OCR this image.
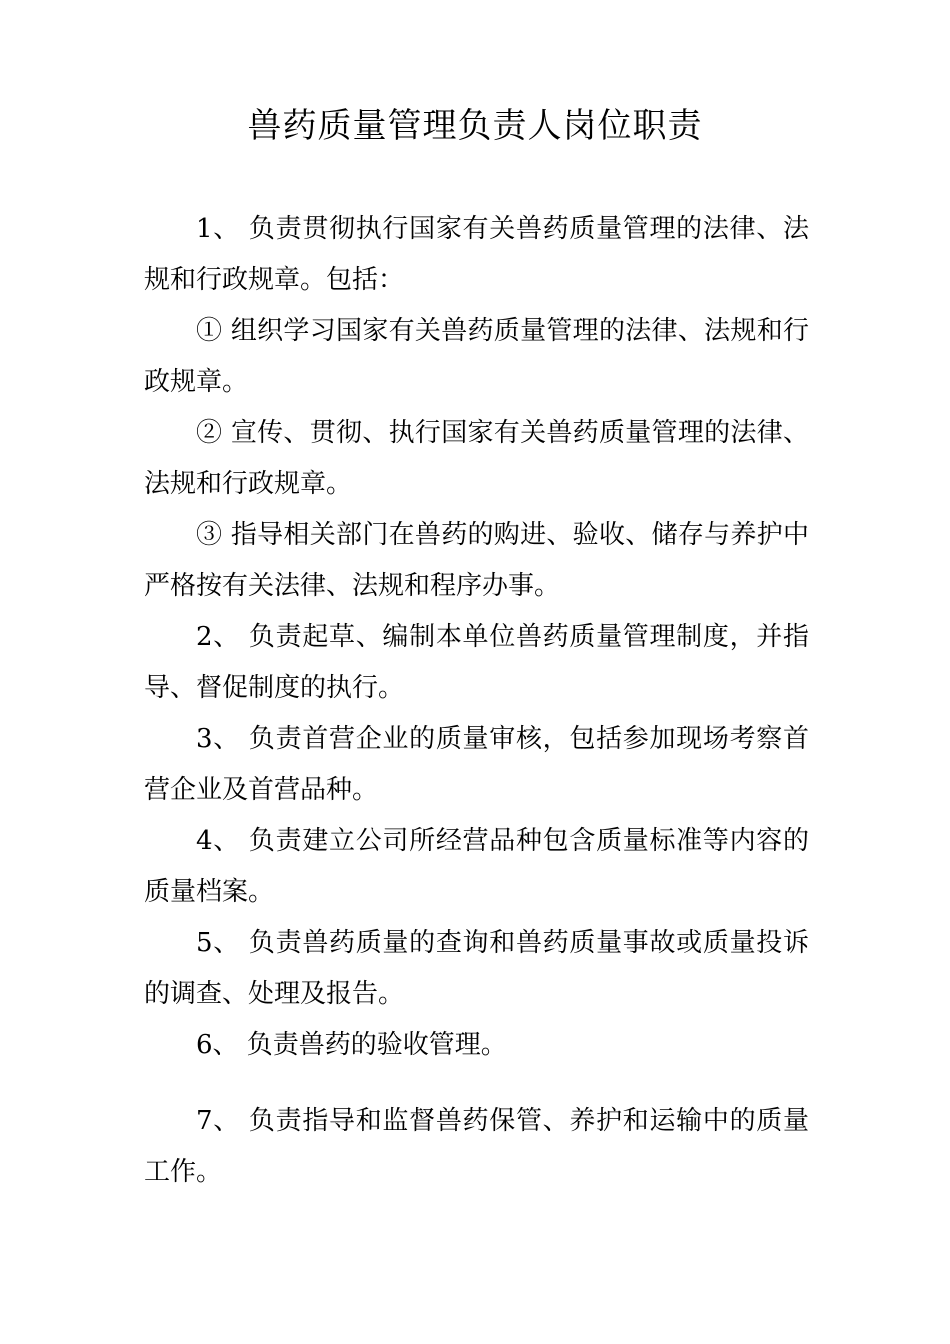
兽药质量管理负责人岗位职责

1、 负责贯彻执行国家有关兽药质量管理的法律、法规和行政规章。包括：

① 组织学习国家有关兽药质量管理的法律、法规和行政规章。

② 宣传、贯彻、执行国家有关兽药质量管理的法律、法规和行政规章。

③ 指导相关部门在兽药的购进、验收、储存与养护中严格按有关法律、法规和程序办事。

2、 负责起草、编制本单位兽药质量管理制度，并指导、督促制度的执行。

3、 负责首营企业的质量审核，包括参加现场考察首营企业及首营品种。

4、 负责建立公司所经营品种包含质量标准等内容的质量档案。

5、 负责兽药质量的查询和兽药质量事故或质量投诉的调查、处理及报告。

6、 负责兽药的验收管理。

7、 负责指导和监督兽药保管、养护和运输中的质量工作。
